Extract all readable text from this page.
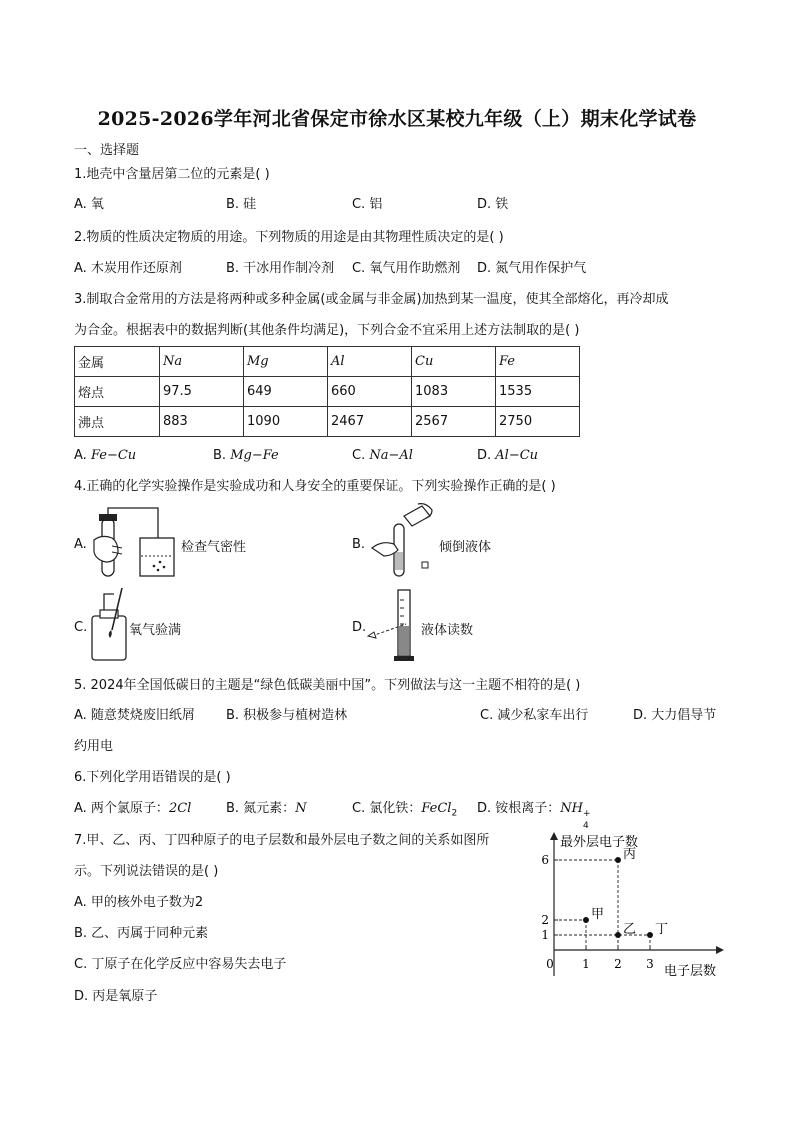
2025-2026学年河北省保定市徐水区某校九年级（上）期末化学试卷
一、选择题
1.地壳中含量居第二位的元素是( )
A. 氧	B. 硅	C. 铝	D. 铁
2.物质的性质决定物质的用途。下列物质的用途是由其物理性质决定的是( )
A. 木炭用作还原剂	B. 干冰用作制冷剂 C. 氧气用作助燃剂 D. 氮气用作保护气
3.制取合金常用的方法是将两种或多种金属(或金属与非金属)加热到某一温度，使其全部熔化，再冷却成
为合金。根据表中的数据判断(其他条件均满足)，下列合金不宜采用上述方法制取的是( )
金属	Na	Mg	Al	Cu	Fe
熔点	97.5	649	660	1083	1535
沸点	883	1090	2467	2567	2750
A. Fe−Cu	B. Mg−Fe	C. Na−Al	D. Al−Cu
4.正确的化学实验操作是实验成功和人身安全的重要保证。下列实验操作正确的是( )
A.	检查气密性	B.	倾倒液体
C.	氧气验满	D.	液体读数
5. 2024年全国低碳日的主题是“绿色低碳美丽中国”。下列做法与这一主题不相符的是( )
A. 随意焚烧废旧纸屑 B. 积极参与植树造林	C. 减少私家车出行	D. 大力倡导节
约用电
6.下列化学用语错误的是( )
A. 两个氯原子：2Cl	B. 氮元素：N	C. 氯化铁：FeCl$_2$ D. 铵根离子：NH +
4
7.甲、乙、丙、丁四种原子的电子层数和最外层电子数之间的关系如图所
示。下列说法错误的是( )
A. 甲的核外电子数为2
B. 乙、丙属于同种元素
C. 丁原子在化学反应中容易失去电子
D. 丙是氧原子
最外层电子数
电子层数
0 1 2 3
1
2
6
甲
乙
丙
丁
